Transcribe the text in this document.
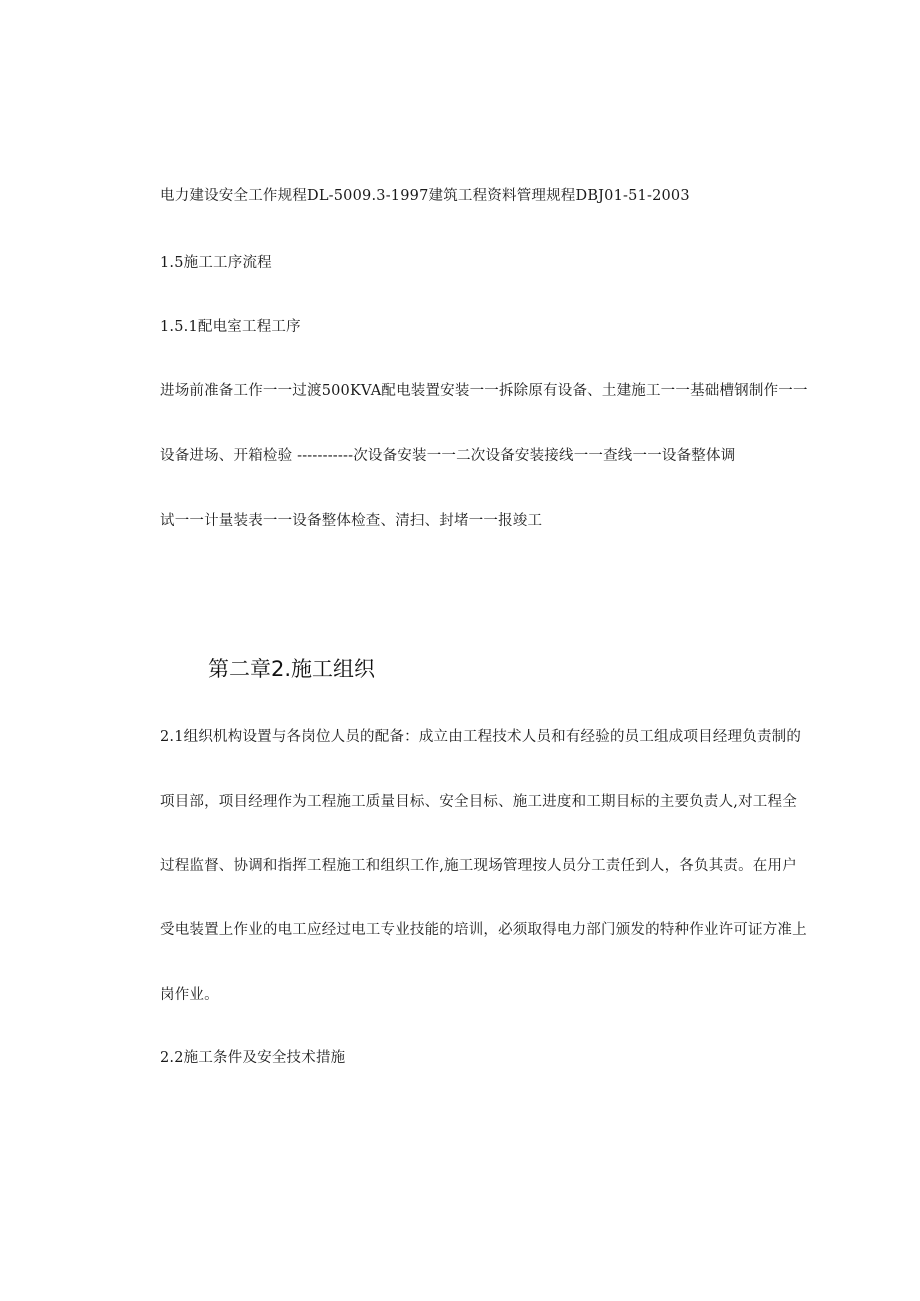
电力建设安全工作规程DL-5009.3-1997建筑工程资料管理规程DBJ01-51-2003
1.5施工工序流程
1.5.1配电室工程工序
进场前准备工作一一过渡500KVA配电装置安装一一拆除原有设备、土建施工一一基础槽钢制作一一
设备进场、开箱检验 -----------次设备安装一一二次设备安装接线一一查线一一设备整体调
试一一计量装表一一设备整体检查、清扫、封堵一一报竣工
第二章2.施工组织
2.1组织机构设置与各岗位人员的配备：成立由工程技术人员和有经验的员工组成项目经理负责制的
项目部，项目经理作为工程施工质量目标、安全目标、施工进度和工期目标的主要负责人,对工程全
过程监督、协调和指挥工程施工和组织工作,施工现场管理按人员分工责任到人，各负其责。在用户
受电装置上作业的电工应经过电工专业技能的培训，必须取得电力部门颁发的特种作业许可证方准上
岗作业。
2.2施工条件及安全技术措施
